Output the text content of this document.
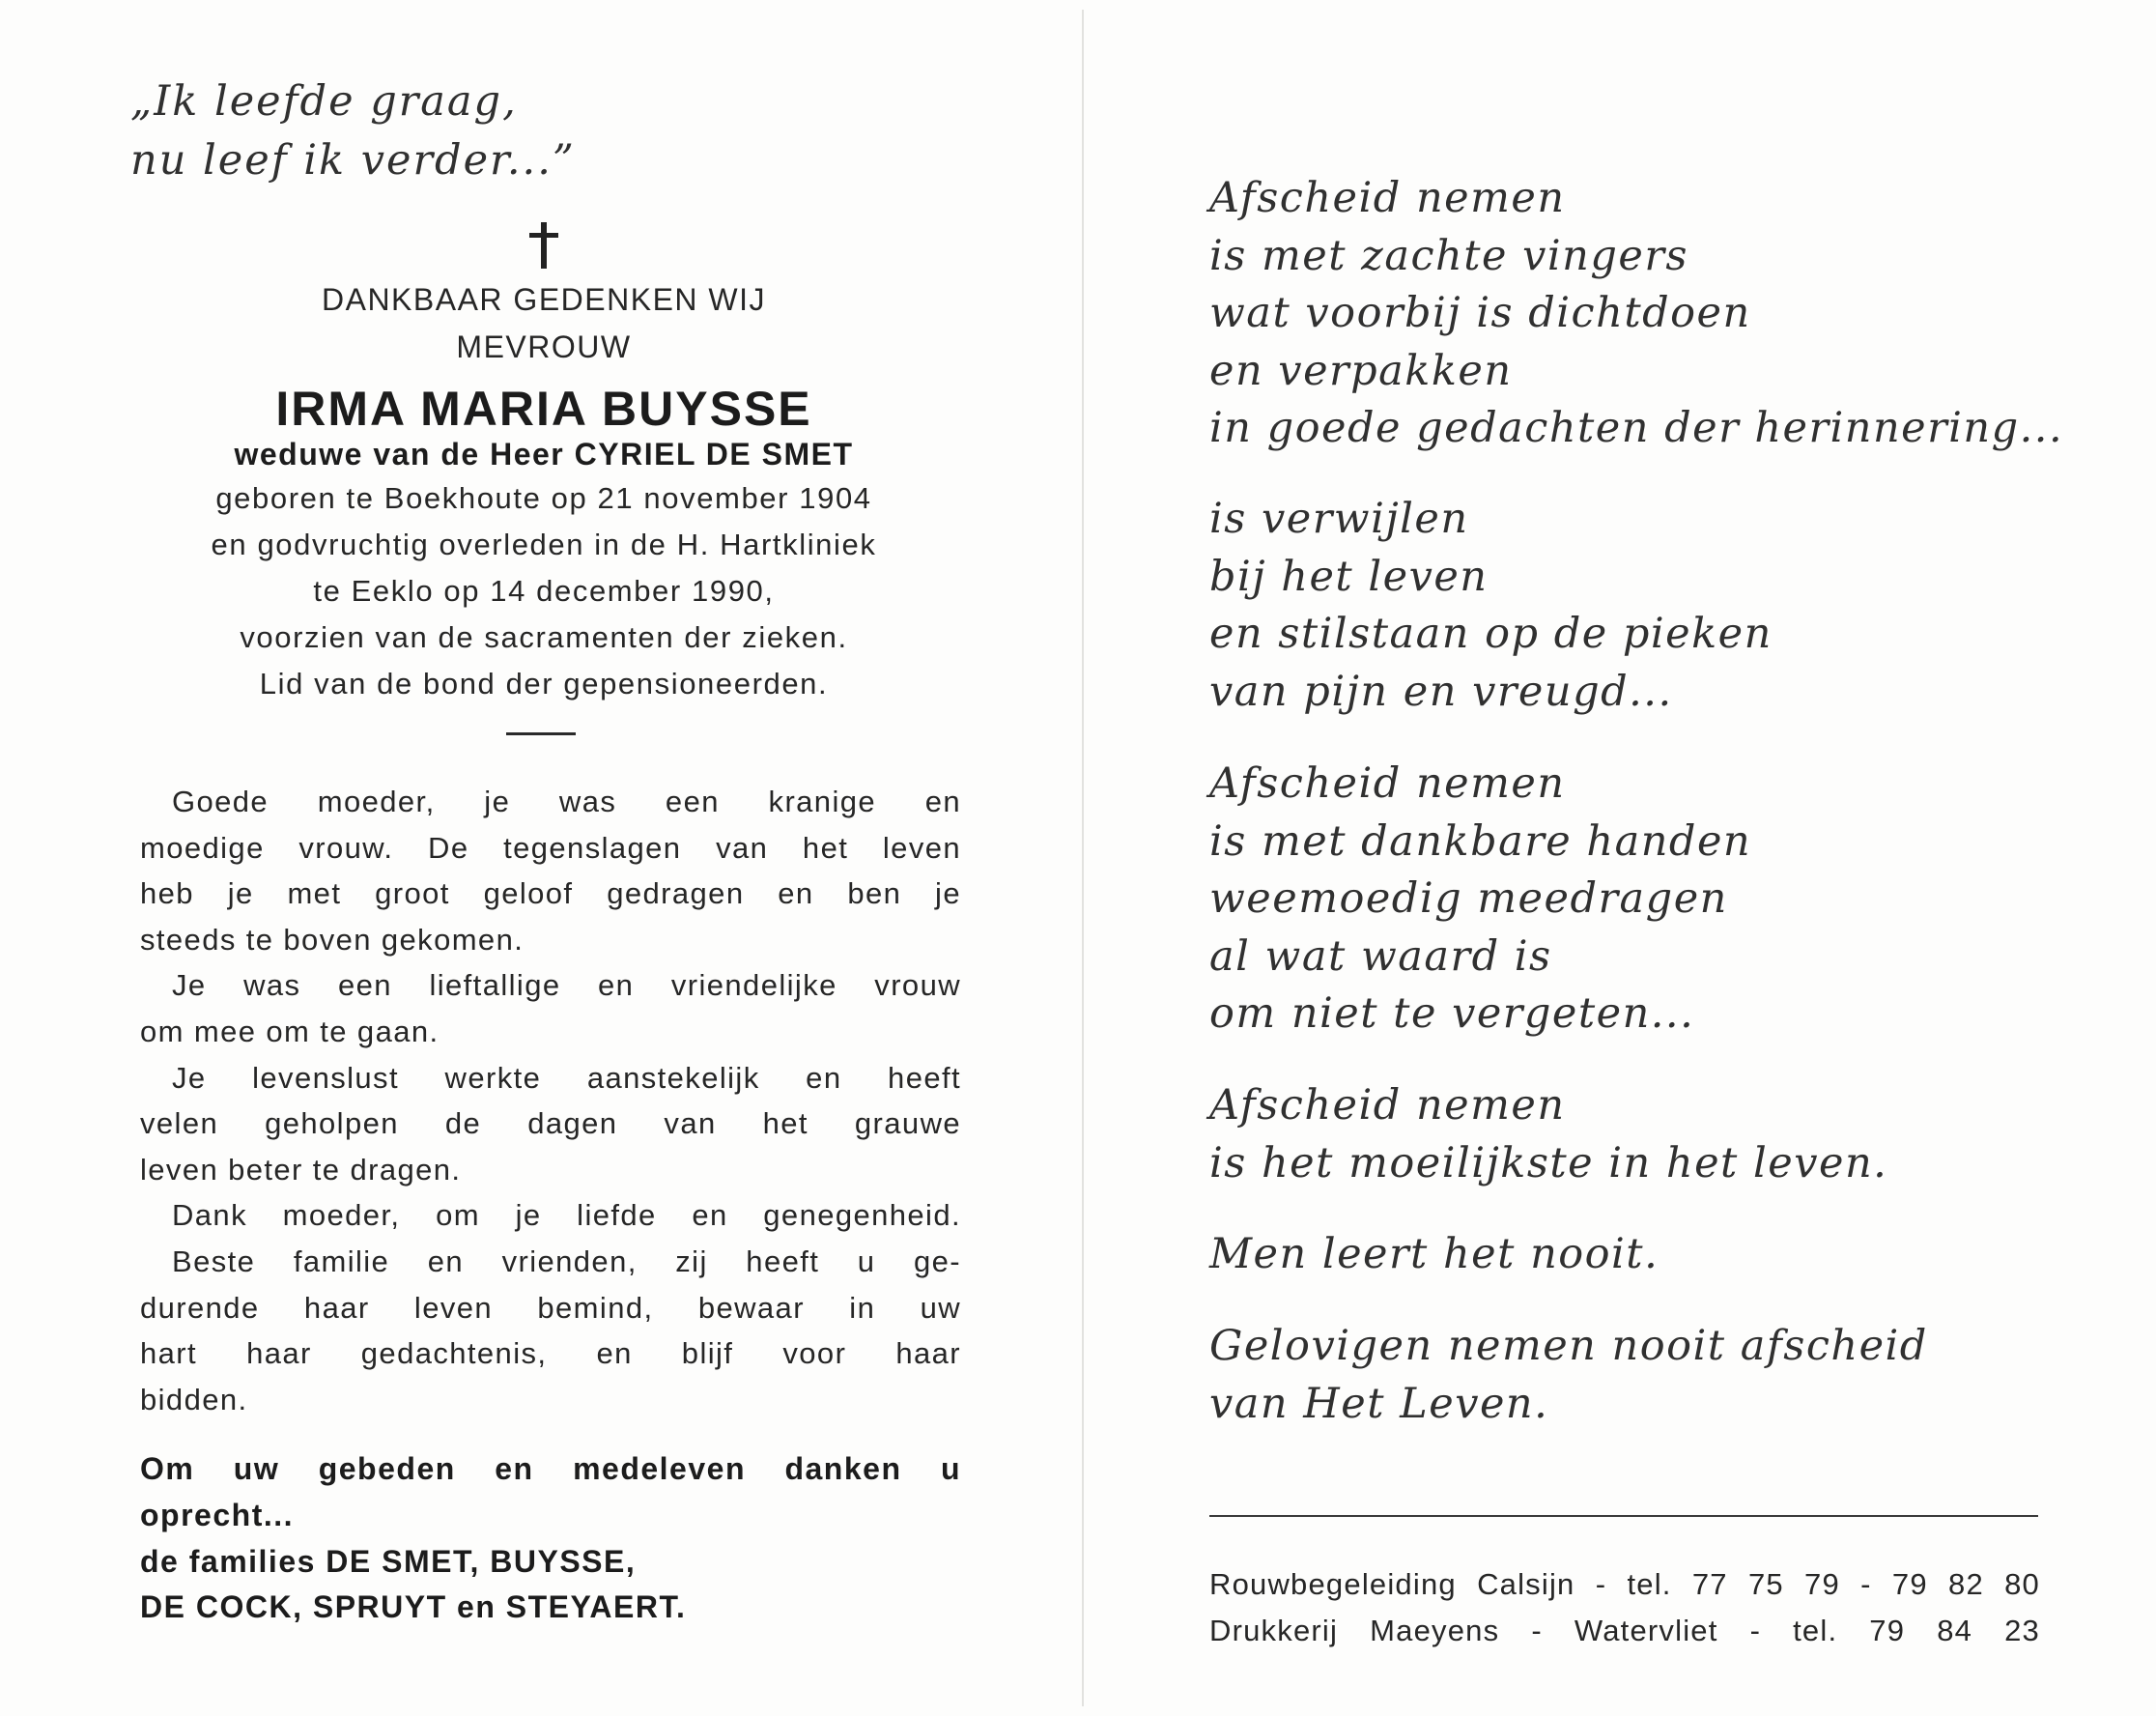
„Ik leefde graag,
nu leef ik verder...”
DANKBAAR GEDENKEN WIJ
MEVROUW
IRMA MARIA BUYSSE
weduwe van de Heer CYRIEL DE SMET
geboren te Boekhoute op 21 november 1904
en godvruchtig overleden in de H. Hartkliniek
te Eeklo op 14 december 1990,
voorzien van de sacramenten der zieken.
Lid van de bond der gepensioneerden.
Goede moeder, je was een kranige en
moedige vrouw. De tegenslagen van het leven
heb je met groot geloof gedragen en ben je
steeds te boven gekomen.
Je was een lieftallige en vriendelijke vrouw
om mee om te gaan.
Je levenslust werkte aanstekelijk en heeft
velen geholpen de dagen van het grauwe
leven beter te dragen.
Dank moeder, om je liefde en genegenheid.
Beste familie en vrienden, zij heeft u ge-
durende haar leven bemind, bewaar in uw
hart haar gedachtenis, en blijf voor haar
bidden.
Om uw gebeden en medeleven danken u
oprecht...
de families DE SMET, BUYSSE,
DE COCK, SPRUYT en STEYAERT.
Afscheid nemen
is met zachte vingers
wat voorbij is dichtdoen
en verpakken
in goede gedachten der herinnering...
is verwijlen
bij het leven
en stilstaan op de pieken
van pijn en vreugd...
Afscheid nemen
is met dankbare handen
weemoedig meedragen
al wat waard is
om niet te vergeten...
Afscheid nemen
is het moeilijkste in het leven.
Men leert het nooit.
Gelovigen nemen nooit afscheid
van Het Leven.
Rouwbegeleiding Calsijn - tel. 77 75 79 - 79 82 80
Drukkerij Maeyens - Watervliet - tel. 79 84 23
